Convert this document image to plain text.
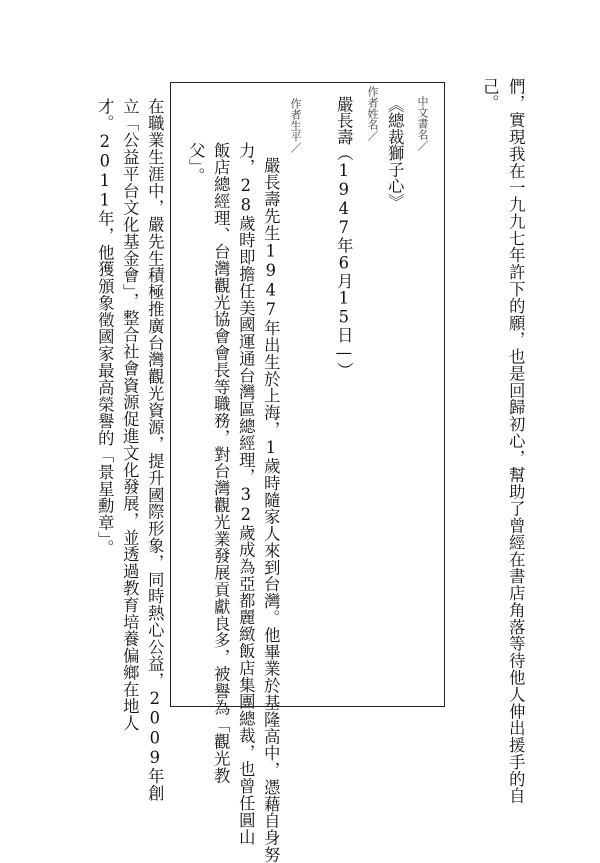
們，實現我在一九九七年許下的願，也是回歸初心，幫助了曾經在書店角落等待他人伸出援手的自
己。
中文書名／
《總裁獅子心》
作者姓名／
嚴長壽（1947年6月15日—）
作者生平／
嚴長壽先生1947年出生於上海，1歲時隨家人來到台灣。他畢業於基隆高中，憑藉自身努
力，28歲時即擔任美國運通台灣區總經理，32歲成為亞都麗緻飯店集團總裁，也曾任圓山
飯店總經理、台灣觀光協會會長等職務，對台灣觀光業發展貢獻良多，被譽為「觀光教
父」。
在職業生涯中，嚴先生積極推廣台灣觀光資源，提升國際形象，同時熱心公益，2009年創
立「公益平台文化基金會」，整合社會資源促進文化發展，並透過教育培養偏鄉在地人
才。2011年，他獲頒象徵國家最高榮譽的「景星勳章」。
